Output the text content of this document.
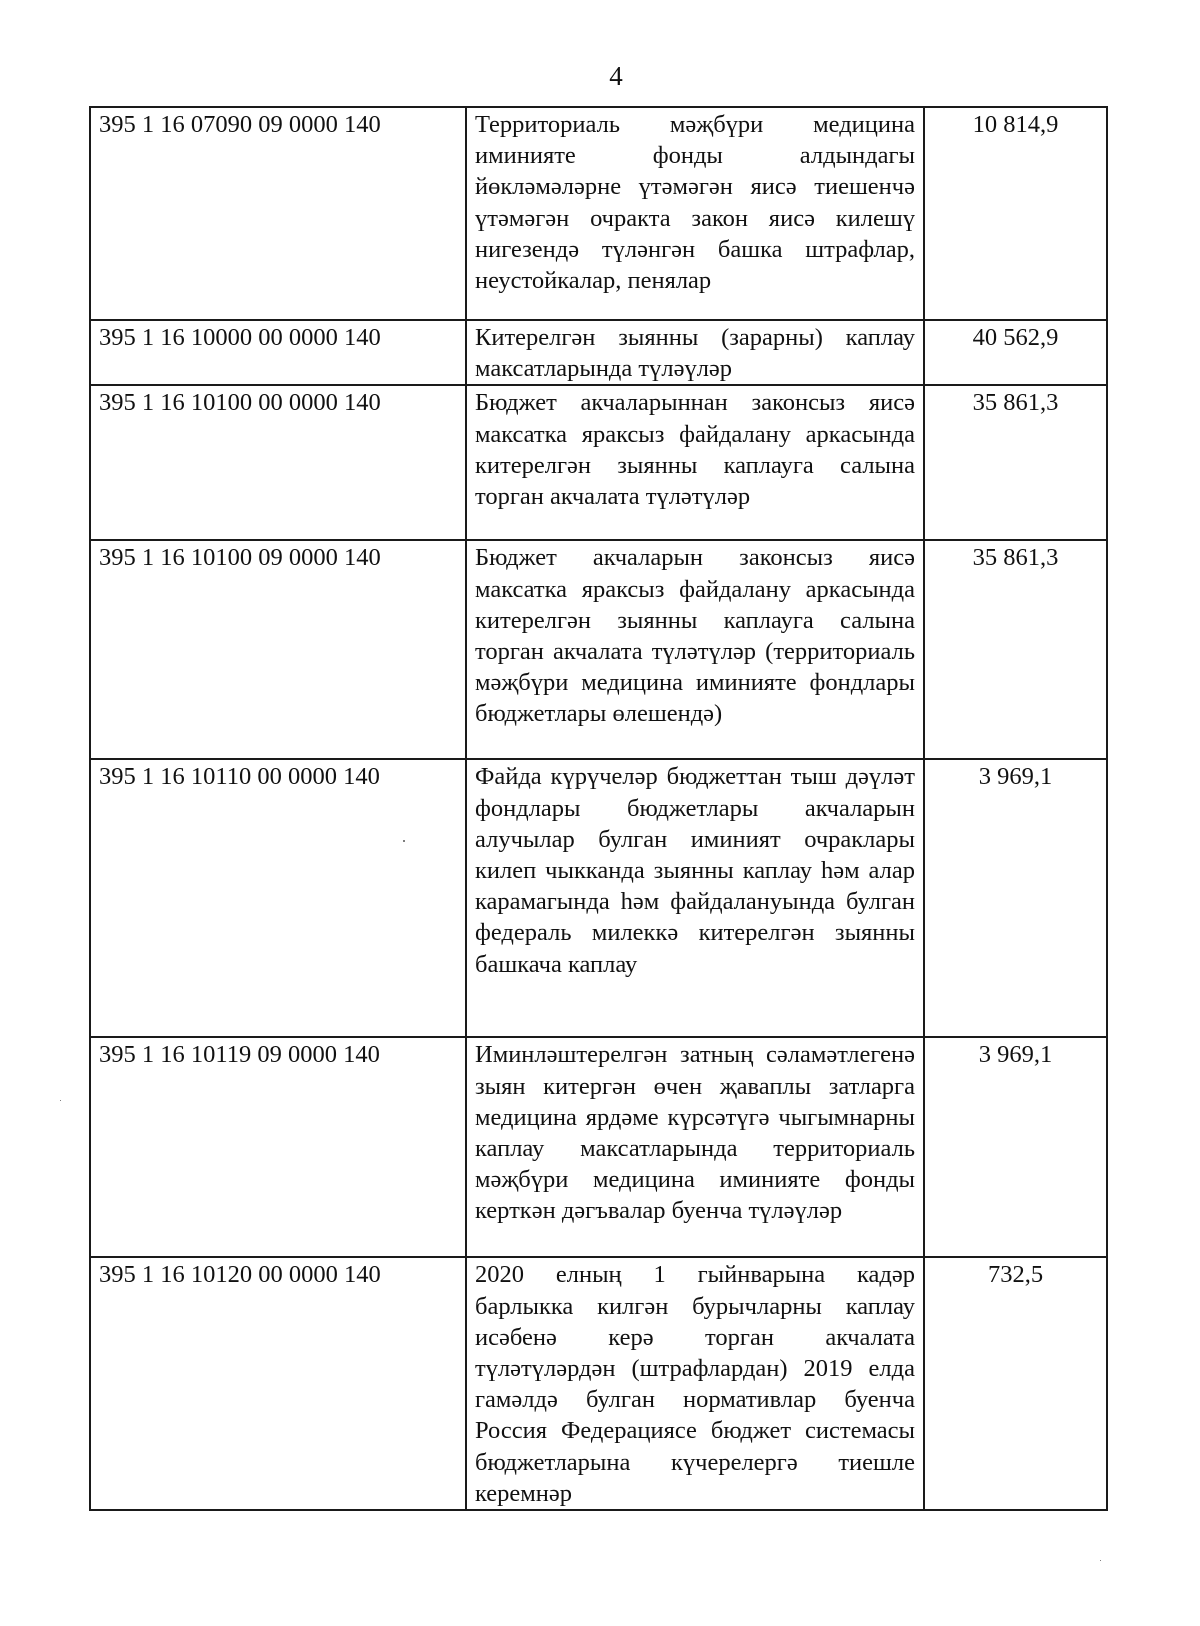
4
395 1 16 07090 09 0000 140	Территориаль мәҗбүри медицина иминияте фонды алдындагы йөкләмәләрне үтәмәгән яисә тиешенчә үтәмәгән очракта закон яисә килешү нигезендә түләнгән башка штрафлар, неустойкалар, пенялар	10 814,9
395 1 16 10000 00 0000 140	Китерелгән зыянны (зарарны) каплау максатларында түләүләр	40 562,9
395 1 16 10100 00 0000 140	Бюджет акчаларыннан законсыз яисә максатка яраксыз файдалану аркасында китерелгән зыянны каплауга салына торган акчалата түләтүләр	35 861,3
395 1 16 10100 09 0000 140	Бюджет акчаларын законсыз яисә максатка яраксыз файдалану аркасында китерелгән зыянны каплауга салына торган акчалата түләтүләр (территориаль мәҗбүри медицина иминияте фондлары бюджетлары өлешендә)	35 861,3
395 1 16 10110 00 0000 140	Файда күрүчеләр бюджеттан тыш дәүләт фондлары бюджетлары акчаларын алучылар булган иминият очраклары килеп чыкканда зыянны каплау һәм алар карамагында һәм файдалануында булган федераль милеккә китерелгән зыянны башкача каплау	3 969,1
395 1 16 10119 09 0000 140	Иминләштерелгән затның сәламәтлегенә зыян китергән өчен җаваплы затларга медицина ярдәме күрсәтүгә чыгымнарны каплау максатларында территориаль мәҗбүри медицина иминияте фонды керткән дәгъвалар буенча түләүләр	3 969,1
395 1 16 10120 00 0000 140	2020 елның 1 гыйнварына кадәр барлыкка килгән бурычларны каплау исәбенә керә торган акчалата түләтүләрдән (штрафлардан) 2019 елда гамәлдә булган нормативлар буенча Россия Федерациясе бюджет системасы бюджетларына күчерелергә тиешле керемнәр	732,5
